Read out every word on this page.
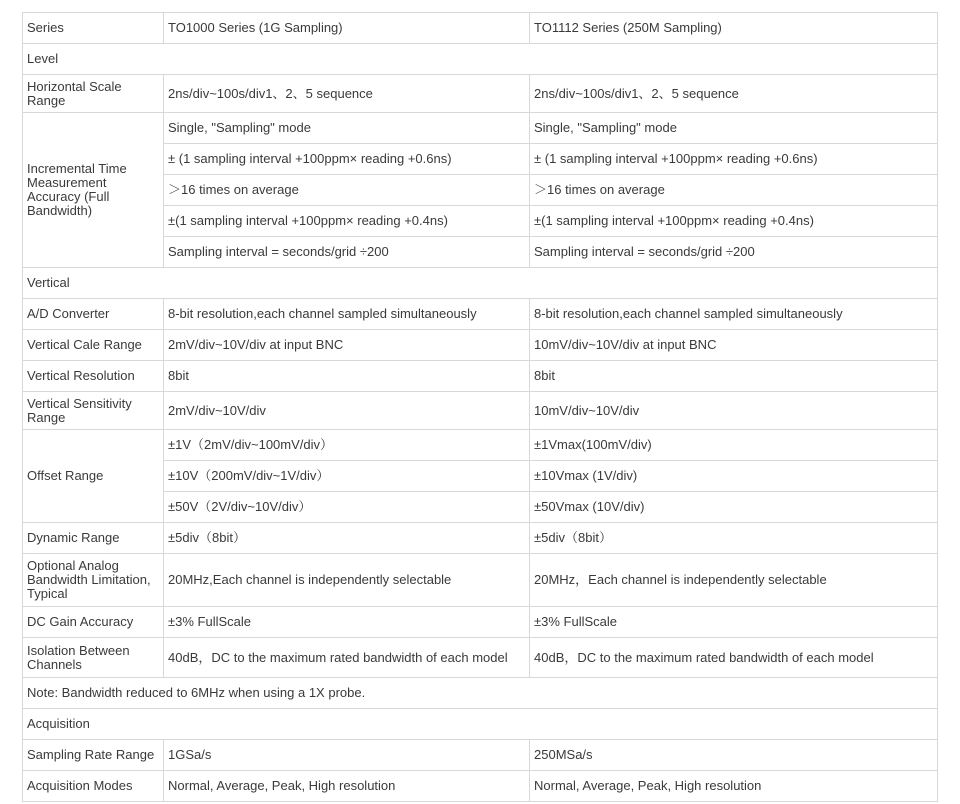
Series	TO1000 Series (1G Sampling)	TO1112 Series (250M Sampling)
Level		
Horizontal Scale Range	2ns/div~100s/div1、2、5 sequence	2ns/div~100s/div1、2、5 sequence
Incremental Time Measurement Accuracy (Full Bandwidth)	Single, "Sampling" mode	Single, "Sampling" mode
	± (1 sampling interval +100ppm× reading +0.6ns)	± (1 sampling interval +100ppm× reading +0.6ns)
	＞16 times on average	＞16 times on average
	±(1 sampling interval +100ppm× reading +0.4ns)	±(1 sampling interval +100ppm× reading +0.4ns)
	Sampling interval = seconds/grid ÷200	Sampling interval = seconds/grid ÷200
Vertical		
A/D Converter	8-bit resolution,each channel sampled simultaneously	8-bit resolution,each channel sampled simultaneously
Vertical Cale Range	2mV/div~10V/div at input BNC	10mV/div~10V/div at input BNC
Vertical Resolution	8bit	8bit
Vertical Sensitivity Range	2mV/div~10V/div	10mV/div~10V/div
Offset Range	±1V（2mV/div~100mV/div）	±1Vmax(100mV/div)
	±10V（200mV/div~1V/div）	±10Vmax (1V/div)
	±50V（2V/div~10V/div）	±50Vmax (10V/div)
Dynamic Range	±5div（8bit）	±5div（8bit）
Optional Analog Bandwidth Limitation, Typical	20MHz,Each channel is independently selectable	20MHz，Each channel is independently selectable
DC Gain Accuracy	±3% FullScale	±3% FullScale
Isolation Between Channels	40dB，DC to the maximum rated bandwidth of each model	40dB，DC to the maximum rated bandwidth of each model
Note: Bandwidth reduced to 6MHz when using a 1X probe.		
Acquisition		
Sampling Rate Range	1GSa/s	250MSa/s
Acquisition Modes	Normal, Average, Peak, High resolution	Normal, Average, Peak, High resolution
